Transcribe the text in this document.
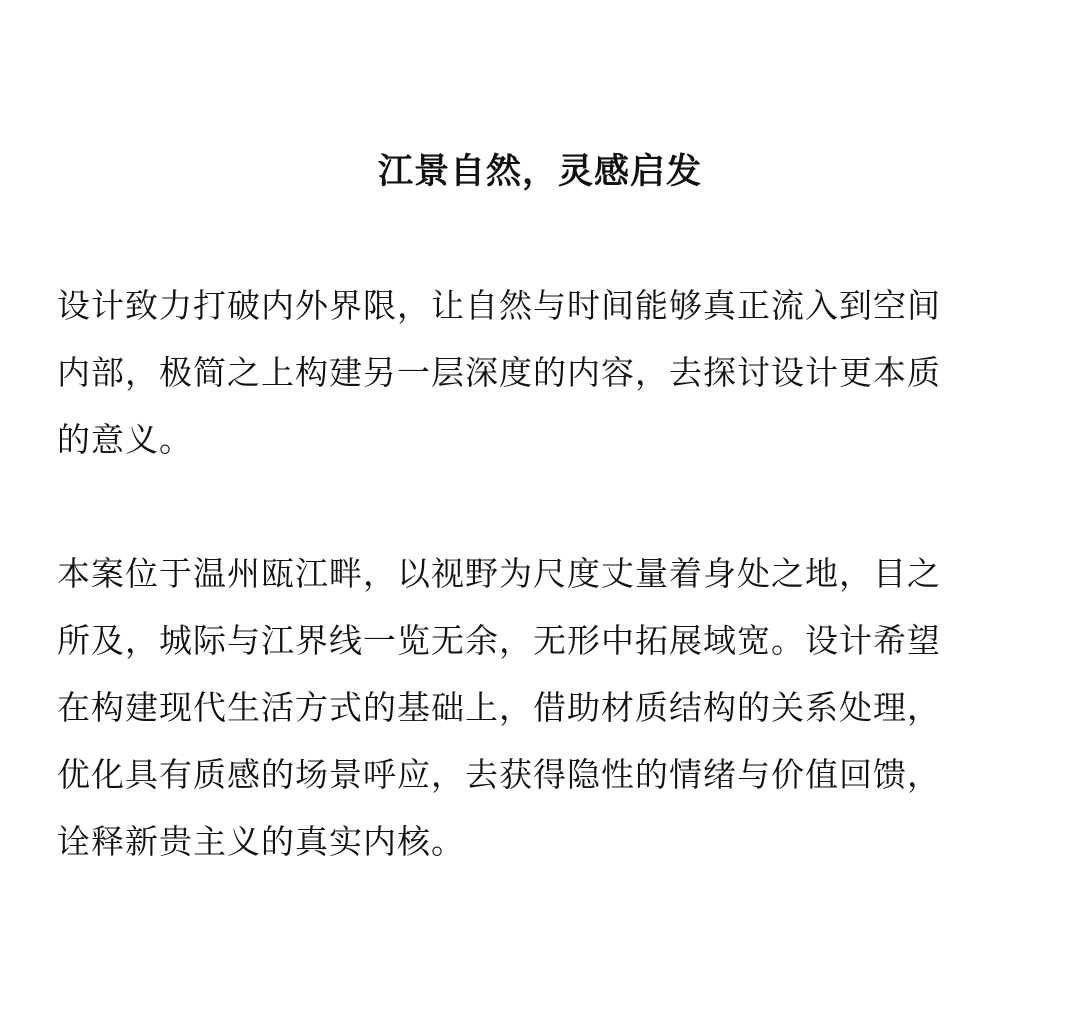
江景自然，灵感启发

设计致力打破内外界限，让自然与时间能够真正流入到空间
内部，极简之上构建另一层深度的内容，去探讨设计更本质
的意义。

本案位于温州瓯江畔，以视野为尺度丈量着身处之地，目之
所及，城际与江界线一览无余，无形中拓展域宽。设计希望
在构建现代生活方式的基础上，借助材质结构的关系处理，
优化具有质感的场景呼应，去获得隐性的情绪与价值回馈，
诠释新贵主义的真实内核。
